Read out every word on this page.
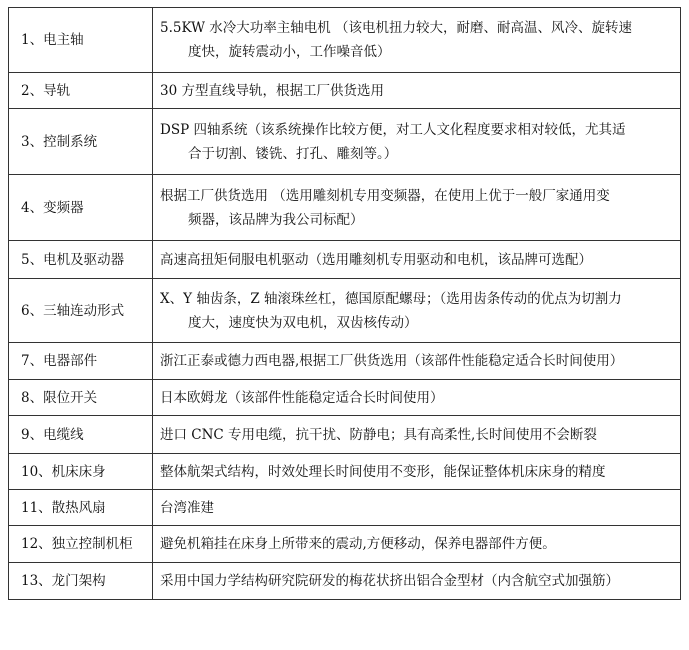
1、电主轴	5.5KW 水冷大功率主轴电机 （该电机扭力较大，耐磨、耐高温、风冷、旋转速
度快，旋转震动小，工作噪音低）

2、导轨	30 方型直线导轨，根据工厂供货选用

3、控制系统	DSP 四轴系统（该系统操作比较方便，对工人文化程度要求相对较低，尤其适
合于切割、镂铣、打孔、雕刻等。）

4、变频器	根据工厂供货选用 （选用雕刻机专用变频器，在使用上优于一般厂家通用变
频器，该品牌为我公司标配）

5、电机及驱动器	高速高扭矩伺服电机驱动（选用雕刻机专用驱动和电机，该品牌可选配）

6、三轴连动形式	X、Y 轴齿条，Z 轴滚珠丝杠，德国原配螺母；（选用齿条传动的优点为切割力
度大，速度快为双电机，双齿核传动）

7、电器部件	浙江正泰或德力西电器,根据工厂供货选用（该部件性能稳定适合长时间使用）

8、限位开关	日本欧姆龙（该部件性能稳定适合长时间使用）

9、电缆线	进口 CNC 专用电缆，抗干扰、防静电；具有高柔性,长时间使用不会断裂

10、机床床身	整体航架式结构，时效处理长时间使用不变形，能保证整体机床床身的精度

11、散热风扇	台湾准建

12、独立控制机柜	避免机箱挂在床身上所带来的震动,方便移动，保养电器部件方便。

13、龙门架构	采用中国力学结构研究院研发的梅花状挤出铝合金型材（内含航空式加强筋）
